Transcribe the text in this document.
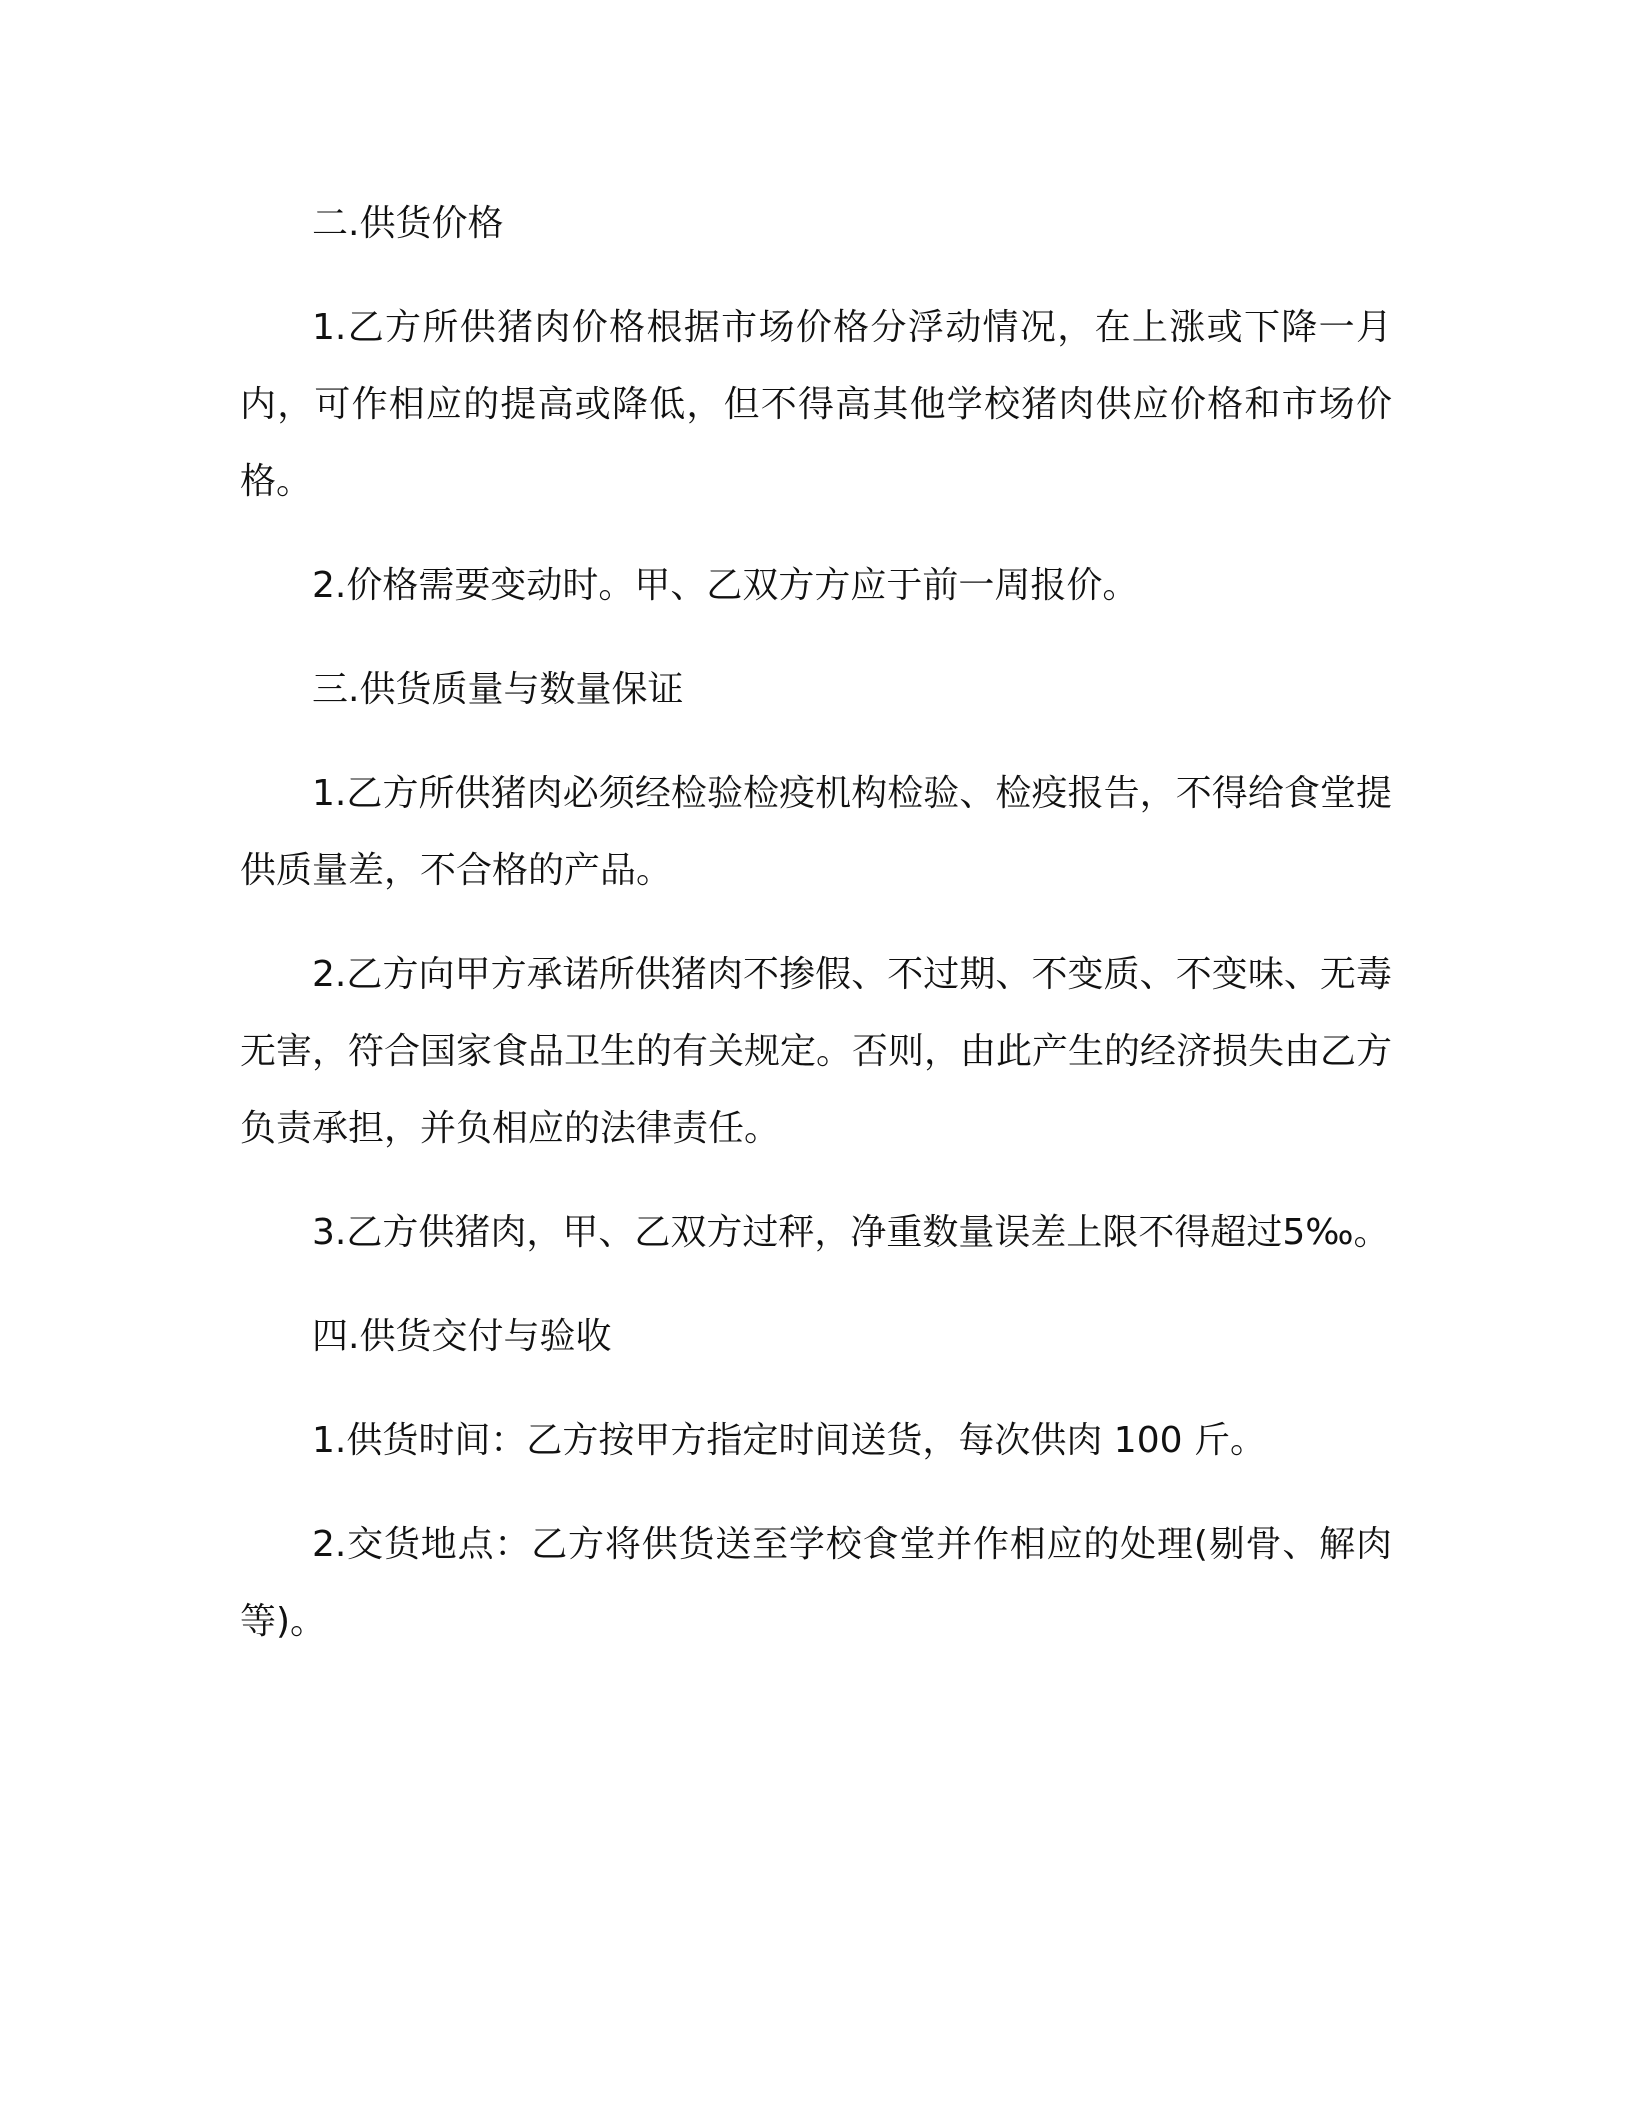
二.供货价格

1.乙方所供猪肉价格根据市场价格分浮动情况，在上涨或下降一月内，可作相应的提高或降低，但不得高其他学校猪肉供应价格和市场价格。

2.价格需要变动时。甲、乙双方方应于前一周报价。

三.供货质量与数量保证

1.乙方所供猪肉必须经检验检疫机构检验、检疫报告，不得给食堂提供质量差，不合格的产品。

2.乙方向甲方承诺所供猪肉不掺假、不过期、不变质、不变味、无毒无害，符合国家食品卫生的有关规定。否则，由此产生的经济损失由乙方负责承担，并负相应的法律责任。

3.乙方供猪肉，甲、乙双方过秤，净重数量误差上限不得超过5‰。

四.供货交付与验收

1.供货时间：乙方按甲方指定时间送货，每次供肉 100 斤。

2.交货地点：乙方将供货送至学校食堂并作相应的处理(剔骨、解肉等)。
